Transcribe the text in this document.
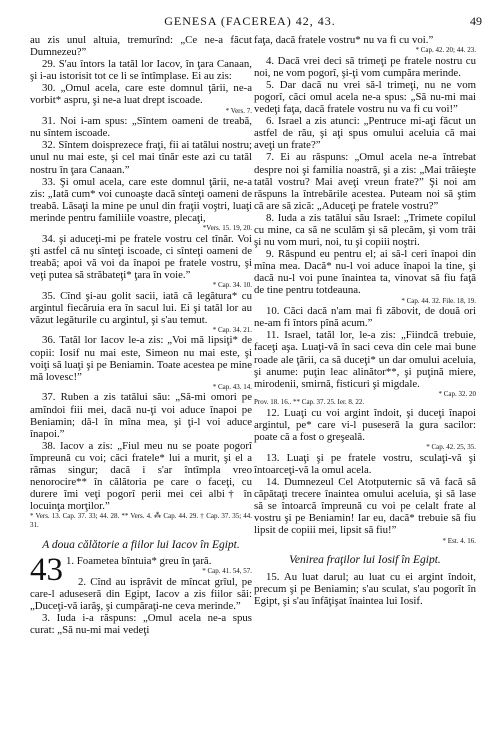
GENESA (FACEREA) 42, 43.	49

au zis unul altuia, tremurînd: „Ce ne-a făcut Dumnezeu?”

29. S'au întors la tatăl lor Iacov, în ţara Canaan, şi i-au istorisit tot ce li se întîmplase. Ei au zis:

30. „Omul acela, care este domnul ţării, ne-a vorbit* aspru, şi ne-a luat drept iscoade.

* Vers. 7.

31. Noi i-am spus: „Sîntem oameni de treabă, nu sîntem iscoade.

32. Sîntem doisprezece fraţi, fii ai tatălui nostru; unul nu mai este, şi cel mai tînăr este azi cu tatăl nostru în ţara Canaan.”

33. Şi omul acela, care este domnul ţării, ne-a zis: „Iată cum* voi cunoaşte dacă sînteţi oameni de treabă. Lăsaţi la mine pe unul din fraţii voştri, luaţi merinde pentru familiile voastre, plecaţi,

*Vers. 15. 19, 20.

34. şi aduceţi-mi pe fratele vostru cel tînăr. Voi şti astfel că nu sînteţi iscoade, ci sînteţi oameni de treabă; apoi vă voi da înapoi pe fratele vostru, şi veţi putea să străbateţi* ţara în voie.”

* Cap. 34. 10.

35. Cînd şi-au golit sacii, iată că legătura* cu argintul fiecăruia era în sacul lui. Ei şi tatăl lor au văzut legăturile cu argintul, şi s'au temut.

* Cap. 34. 21.

36. Tatăl lor Iacov le-a zis: „Voi mă lipsiţi* de copii: Iosif nu mai este, Simeon nu mai este, şi voiţi să luaţi şi pe Beniamin. Toate acestea pe mine mă lovesc!”

* Cap. 43. 14.

37. Ruben a zis tatălui său: „Să-mi omori pe amîndoi fiii mei, dacă nu-ţi voi aduce înapoi pe Beniamin; dă-l în mîna mea, şi ţi-l voi aduce înapoi.”

38. Iacov a zis: „Fiul meu nu se poate pogorî împreună cu voi; căci fratele* lui a murit, şi el a rămas singur; dacă i s'ar întîmpla vreo nenorocire** în călătoria pe care o faceţi, cu durere îmi veţi pogorî perii mei cei albi† în locuinţa morţilor.”

* Vers. 13. Cap. 37. 33; 44. 28. ** Vers. 4. ⁂ Cap. 44. 29. † Cap. 37. 35; 44. 31.

A doua călătorie a fiilor lui Iacov în Egipt.

43 1. Foametea bîntuia* greu în ţară.

* Cap. 41. 54, 57.

2. Cînd au isprăvit de mîncat grîul, pe care-l aduseseră din Egipt, Iacov a zis fiilor săi: „Duceţi-vă iarăş, şi cumpăraţi-ne ceva merinde.”

3. Iuda i-a răspuns: „Omul acela ne-a spus curat: „Să nu-mi mai vedeţi

faţa, dacă fratele vostru* nu va fi cu voi.”

* Cap. 42. 20; 44. 23.

4. Dacă vrei deci să trimeţi pe fratele nostru cu noi, ne vom pogorî, şi-ţi vom cumpăra merinde.

5. Dar dacă nu vrei să-l trimeţi, nu ne vom pogorî, căci omul acela ne-a spus: „Să nu-mi mai vedeţi faţa, dacă fratele vostru nu va fi cu voi!”

6. Israel a zis atunci: „Pentruce mi-aţi făcut un astfel de rău, şi aţi spus omului aceluia că mai aveţi un frate?”

7. Ei au răspuns: „Omul acela ne-a întrebat despre noi şi familia noastră, şi a zis: „Mai trăieşte tatăl vostru? Mai aveţi vreun frate?” Şi noi am răspuns la întrebările acestea. Puteam noi să ştim că are să zică: „Aduceţi pe fratele vostru?”

8. Iuda a zis tatălui său Israel: „Trimete copilul cu mine, ca să ne sculăm şi să plecăm, şi vom trăi şi nu vom muri, noi, tu şi copiii noştri.

9. Răspund eu pentru el; ai să-l ceri înapoi din mîna mea. Dacă* nu-l voi aduce înapoi la tine, şi dacă nu-l voi pune înaintea ta, vinovat să fiu faţă de tine pentru totdeauna.

* Cap. 44. 32. File. 18, 19.

10. Căci dacă n'am mai fi zăbovit, de două ori ne-am fi întors pînă acum.”

11. Israel, tatăl lor, le-a zis: „Fiindcă trebuie, faceţi aşa. Luaţi-vă în saci ceva din cele mai bune roade ale ţării, ca să duceţi* un dar omului aceluia, şi anume: puţin leac alinător**, şi puţină miere, mirodenii, smirnă, fisticuri şi migdale.

* Cap. 32. 20

Prov. 18. 16.. ** Cap. 37. 25. Ier. 8. 22.

12. Luaţi cu voi argint îndoit, şi duceţi înapoi argintul, pe* care vi-l puseseră la gura sacilor: poate că a fost o greşeală.

* Cap. 42. 25, 35.

13. Luaţi şi pe fratele vostru, sculaţi-vă şi întoarceţi-vă la omul acela.

14. Dumnezeul Cel Atotputernic să vă facă să căpătaţi trecere înaintea omului aceluia, şi să lase să se întoarcă împreună cu voi pe celalt frate al vostru şi pe Beniamin! Iar eu, dacă* trebuie să fiu lipsit de copiii mei, lipsit să fiu!”

* Est. 4. 16.
Venirea fraţilor lui Iosif în Egipt.

15. Au luat darul; au luat cu ei argint îndoit, precum şi pe Beniamin; s'au sculat, s'au pogorît în Egipt, şi s'au înfăţişat înaintea lui Iosif.
